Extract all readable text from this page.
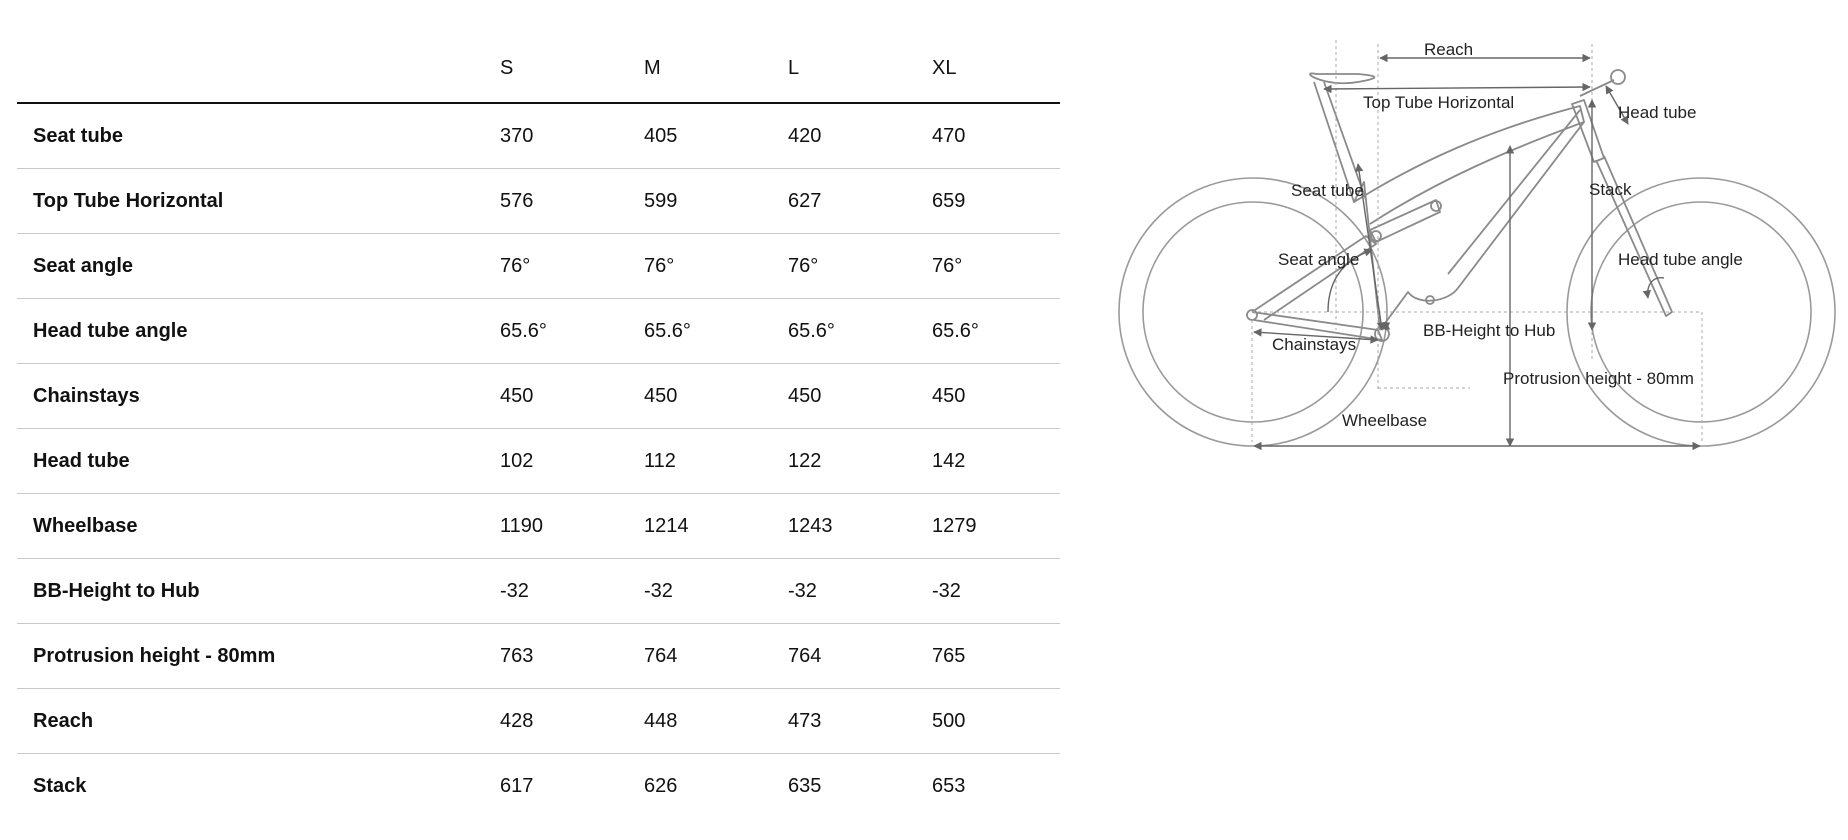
	S	M	L	XL
Seat tube	370	405	420	470
Top Tube Horizontal	576	599	627	659
Seat angle	76°	76°	76°	76°
Head tube angle	65.6°	65.6°	65.6°	65.6°
Chainstays	450	450	450	450
Head tube	102	112	122	142
Wheelbase	1190	1214	1243	1279
BB-Height to Hub	-32	-32	-32	-32
Protrusion height - 80mm	763	764	764	765
Reach	428	448	473	500
Stack	617	626	635	653
Reach
Top Tube Horizontal
Head tube
Seat tube	Stack
Seat angle	Head tube angle
BB-Height to Hub
Chainstays
Protrusion height - 80mm
Wheelbase
